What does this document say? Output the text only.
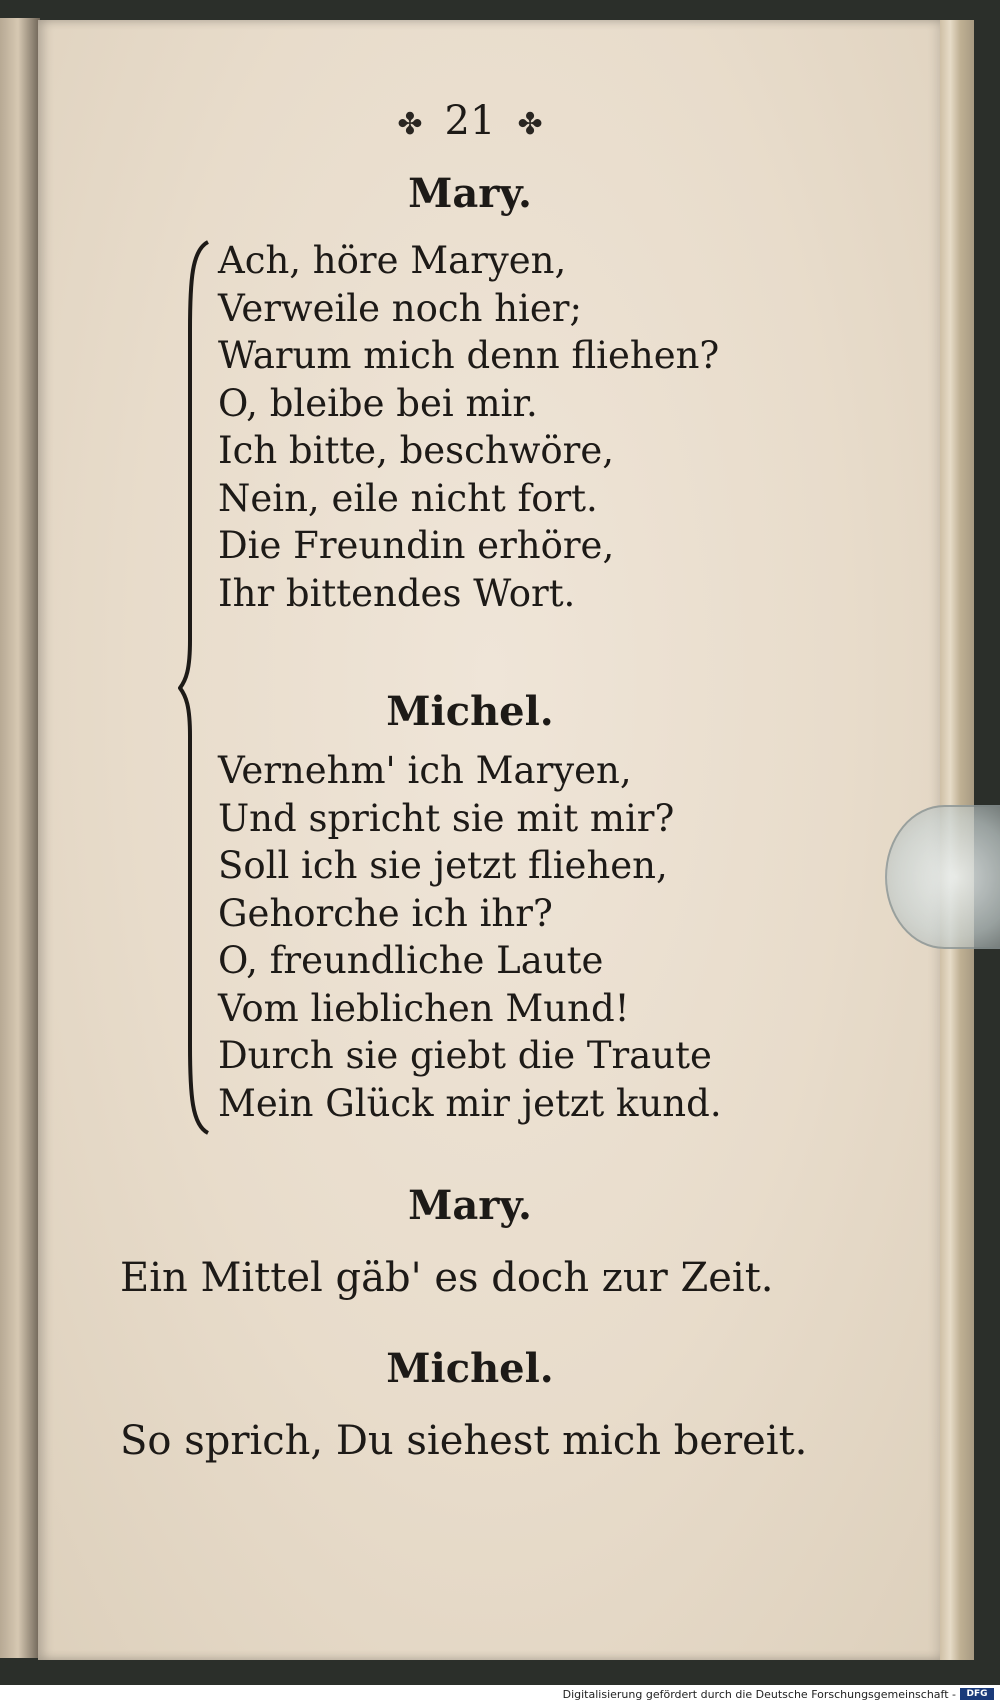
✤ 21 ✤
Mary.
Ach, höre Maryen,
Verweile noch hier;
Warum mich denn fliehen?
O, bleibe bei mir.
Ich bitte, beschwöre,
Nein, eile nicht fort.
Die Freundin erhöre,
Ihr bittendes Wort.
Michel.
Vernehm' ich Maryen,
Und spricht sie mit mir?
Soll ich sie jetzt fliehen,
Gehorche ich ihr?
O, freundliche Laute
Vom lieblichen Mund!
Durch sie giebt die Traute
Mein Glück mir jetzt kund.
Mary.
Ein Mittel gäb' es doch zur Zeit.
Michel.
So sprich, Du siehest mich bereit.
Digitalisierung gefördert durch die Deutsche Forschungsgemeinschaft -	DFG
